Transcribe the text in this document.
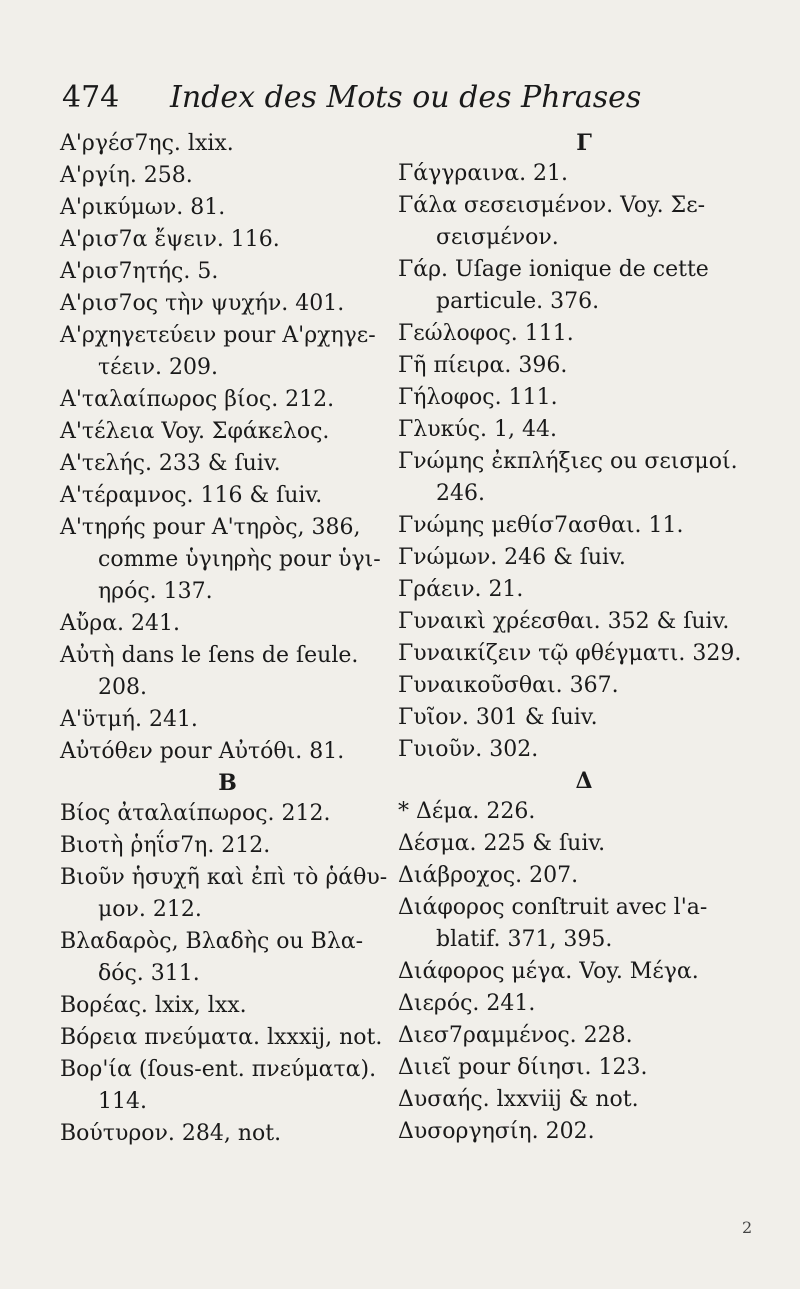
474 Index des Mots ou des Phrases
Α'ργέσ7ης. lxix.
Α'ργίη. 258.
Α'ρικύμων. 81.
Α'ρισ7α ἔψειν. 116.
Α'ρισ7ητής. 5.
Α'ρισ7ος τὴν ψυχήν. 401.
Α'ρχηγετεύειν pour Α'ρχηγε-
τέειν. 209.
Α'ταλαίπωρος βίος. 212.
Α'τέλεια Voy. Σφάκελος.
Α'τελής. 233 & ſuiv.
Α'τέραμνος. 116 & ſuiv.
Α'τηρής pour Α'τηρὸς, 386,
comme ὑγιηρὴς pour ὑγι-
ηρός. 137.
Αὔρα. 241.
Αὐτὴ dans le ſens de ſeule.
208.
Α'ϋτμή. 241.
Αὐτόθεν pour Αὐτόθι. 81.
B
Βίος ἀταλαίπωρος. 212.
Βιοτὴ ῥηΐσ7η. 212.
Βιοῦν ἡσυχῆ καὶ ἐπὶ τὸ ῥάθυ-
μον. 212.
Βλαδαρὸς, Βλαδὴς ou Βλα-
δός. 311.
Βορέας. lxix, lxx.
Βόρεια πνεύματα. lxxxij, not.
Βορ'ία (ſous-ent. πνεύματα).
114.
Βούτυρον. 284, not.
Γ
Γάγγραινα. 21.
Γάλα σεσεισμένον. Voy. Σε-
σεισμένον.
Γάρ. Uſage ionique de cette
particule. 376.
Γεώλοφος. 111.
Γῆ πίειρα. 396.
Γήλοφος. 111.
Γλυκύς. 1, 44.
Γνώμης ἐκπλήξιες ou σεισμοί.
246.
Γνώμης μεθίσ7ασθαι. 11.
Γνώμων. 246 & ſuiv.
Γράειν. 21.
Γυναικὶ χρέεσθαι. 352 & ſuiv.
Γυναικίζειν τῷ φθέγματι. 329.
Γυναικοῦσθαι. 367.
Γυῖον. 301 & ſuiv.
Γυιοῦν. 302.
Δ
* Δέμα. 226.
Δέσμα. 225 & ſuiv.
Διάβροχος. 207.
Διάφορος conſtruit avec l'a-
blatif. 371, 395.
Διάφορος μέγα. Voy. Μέγα.
Διερός. 241.
Διεσ7ραμμένος. 228.
Διιεῖ pour δίιησι. 123.
Δυσαής. lxxviij & not.
Δυσοργησίη. 202.
2
